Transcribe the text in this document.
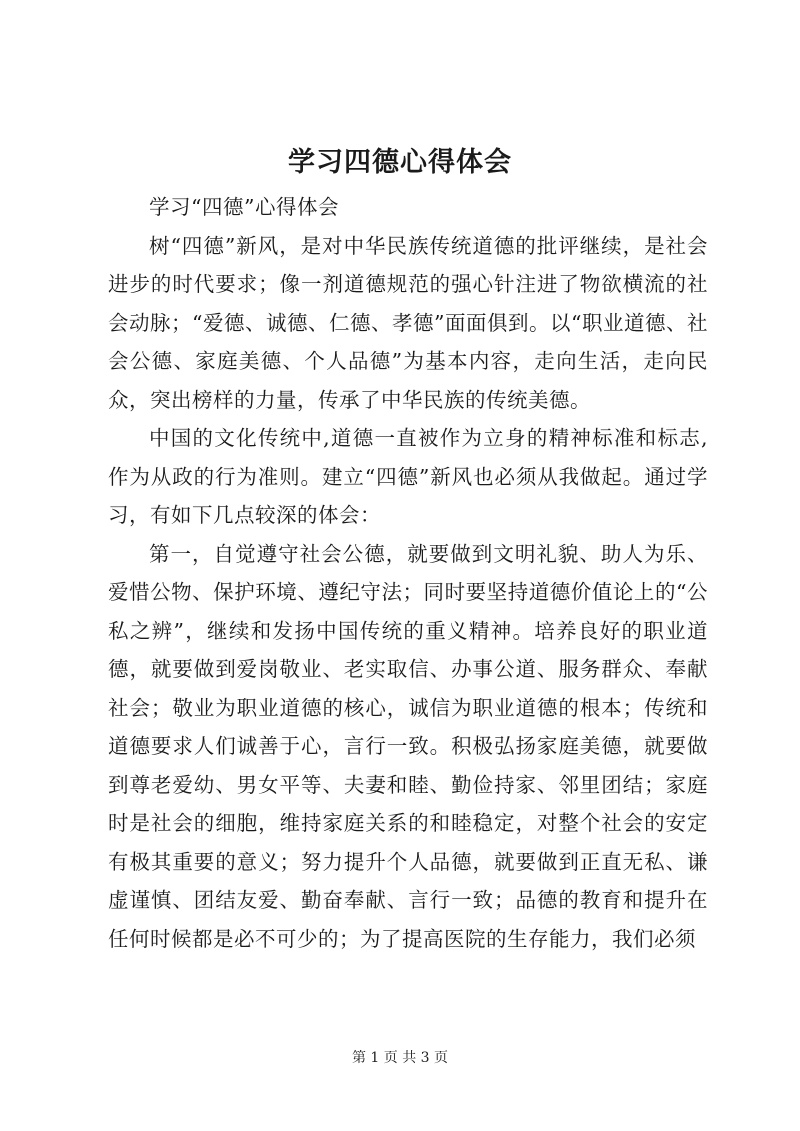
学习四德心得体会

学习“四德”心得体会

树“四德”新风，是对中华民族传统道德的批评继续，是社会进步的时代要求；像一剂道德规范的强心针注进了物欲横流的社会动脉；“爱德、诚德、仁德、孝德”面面俱到。以“职业道德、社会公德、家庭美德、个人品德”为基本内容，走向生活，走向民众，突出榜样的力量，传承了中华民族的传统美德。

中国的文化传统中,道德一直被作为立身的精神标准和标志,作为从政的行为准则。建立“四德”新风也必须从我做起。通过学习，有如下几点较深的体会：

第一，自觉遵守社会公德，就要做到文明礼貌、助人为乐、爱惜公物、保护环境、遵纪守法；同时要坚持道德价值论上的“公私之辨”，继续和发扬中国传统的重义精神。培养良好的职业道德，就要做到爱岗敬业、老实取信、办事公道、服务群众、奉献社会；敬业为职业道德的核心，诚信为职业道德的根本；传统和道德要求人们诚善于心，言行一致。积极弘扬家庭美德，就要做到尊老爱幼、男女平等、夫妻和睦、勤俭持家、邻里团结；家庭时是社会的细胞，维持家庭关系的和睦稳定，对整个社会的安定有极其重要的意义；努力提升个人品德，就要做到正直无私、谦虚谨慎、团结友爱、勤奋奉献、言行一致；品德的教育和提升在任何时候都是必不可少的；为了提高医院的生存能力，我们必须

第 1 页 共 3 页
